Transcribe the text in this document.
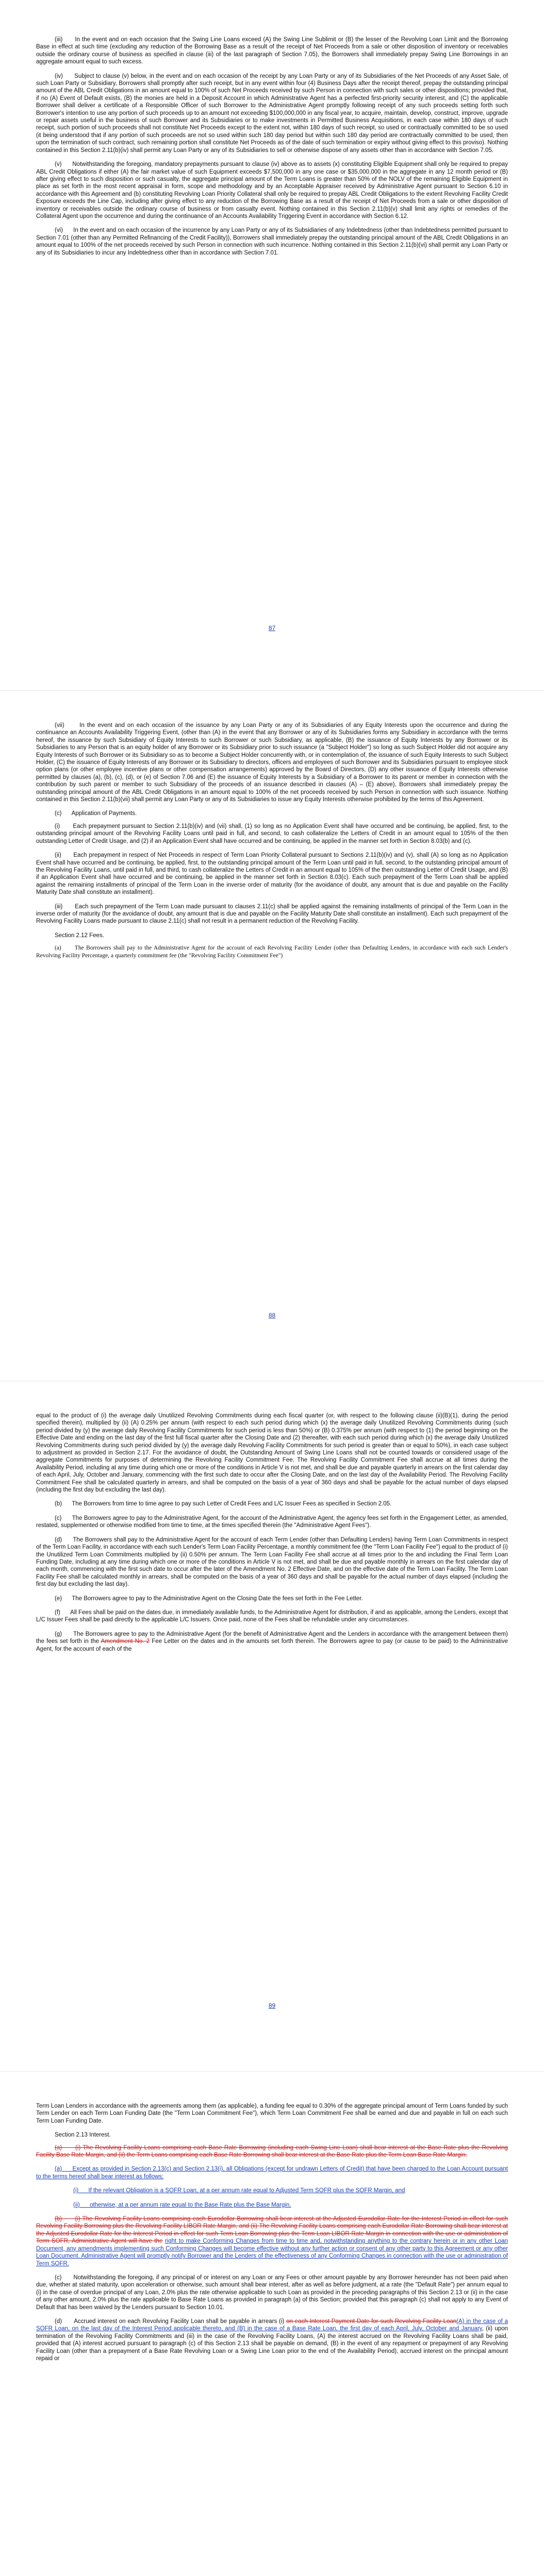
(iii)      In the event and on each occasion that the Swing Line Loans exceed (A) the Swing Line Sublimit or (B) the lesser of the Revolving Loan Limit and the Borrowing Base in effect at such time (excluding any reduction of the Borrowing Base as a result of the receipt of Net Proceeds from a sale or other disposition of inventory or receivables outside the ordinary course of business as specified in clause (iii) of the last paragraph of Section 7.05), the Borrowers shall immediately prepay Swing Line Borrowings in an aggregate amount equal to such excess.

(iv)      Subject to clause (v) below, in the event and on each occasion of the receipt by any Loan Party or any of its Subsidiaries of the Net Proceeds of any Asset Sale, of such Loan Party or Subsidiary, Borrowers shall promptly after such receipt, but in any event within four (4) Business Days after the receipt thereof, prepay the outstanding principal amount of the ABL Credit Obligations in an amount equal to 100% of such Net Proceeds received by such Person in connection with such sales or other dispositions; provided that, if no (A) Event of Default exists, (B) the monies are held in a Deposit Account in which Administrative Agent has a perfected first-priority security interest, and (C) the applicable Borrower shall deliver a certificate of a Responsible Officer of such Borrower to the Administrative Agent promptly following receipt of any such proceeds setting forth such Borrower's intention to use any portion of such proceeds up to an amount not exceeding $100,000,000 in any fiscal year, to acquire, maintain, develop, construct, improve, upgrade or repair assets useful in the business of such Borrower and its Subsidiaries or to make investments in Permitted Business Acquisitions, in each case within 180 days of such receipt, such portion of such proceeds shall not constitute Net Proceeds except to the extent not, within 180 days of such receipt, so used or contractually committed to be so used (it being understood that if any portion of such proceeds are not so used within such 180 day period but within such 180 day period are contractually committed to be used, then upon the termination of such contract, such remaining portion shall constitute Net Proceeds as of the date of such termination or expiry without giving effect to this proviso). Nothing contained in this Section 2.11(b)(iv) shall permit any Loan Party or any of its Subsidiaries to sell or otherwise dispose of any assets other than in accordance with Section 7.05.

(v)      Notwithstanding the foregoing, mandatory prepayments pursuant to clause (iv) above as to assets (x) constituting Eligible Equipment shall only be required to prepay ABL Credit Obligations if either (A) the fair market value of such Equipment exceeds $7,500,000 in any one case or $35,000,000 in the aggregate in any 12 month period or (B) after giving effect to such disposition or such casualty, the aggregate principal amount of the Term Loans is greater than 50% of the NOLV of the remaining Eligible Equipment in place as set forth in the most recent appraisal in form, scope and methodology and by an Acceptable Appraiser received by Administrative Agent pursuant to Section 6.10 in accordance with this Agreement and (b) constituting Revolving Loan Priority Collateral shall only be required to prepay ABL Credit Obligations to the extent Revolving Facility Credit Exposure exceeds the Line Cap, including after giving effect to any reduction of the Borrowing Base as a result of the receipt of Net Proceeds from a sale or other disposition of inventory or receivables outside the ordinary course of business or from casualty event. Nothing contained in this Section 2.11(b)(v) shall limit any rights or remedies of the Collateral Agent upon the occurrence and during the continuance of an Accounts Availability Triggering Event in accordance with Section 6.12.

(vi)      In the event and on each occasion of the incurrence by any Loan Party or any of its Subsidiaries of any Indebtedness (other than Indebtedness permitted pursuant to Section 7.01 (other than any Permitted Refinancing of the Credit Facility)), Borrowers shall immediately prepay the outstanding principal amount of the ABL Credit Obligations in an amount equal to 100% of the net proceeds received by such Person in connection with such incurrence. Nothing contained in this Section 2.11(b)(vi) shall permit any Loan Party or any of its Subsidiaries to incur any Indebtedness other than in accordance with Section 7.01.

87

(vii)      In the event and on each occasion of the issuance by any Loan Party or any of its Subsidiaries of any Equity Interests upon the occurrence and during the continuance an Accounts Availability Triggering Event, (other than (A) in the event that any Borrower or any of its Subsidiaries forms any Subsidiary in accordance with the terms hereof, the issuance by such Subsidiary of Equity Interests to such Borrower or such Subsidiary, as applicable, (B) the issuance of Equity Interests by any Borrower or its Subsidiaries to any Person that is an equity holder of any Borrower or its Subsidiary prior to such issuance (a "Subject Holder") so long as such Subject Holder did not acquire any Equity Interests of such Borrower or its Subsidiary so as to become a Subject Holder concurrently with, or in contemplation of, the issuance of such Equity Interests to such Subject Holder, (C) the issuance of Equity Interests of any Borrower or its Subsidiary to directors, officers and employees of such Borrower and its Subsidiaries pursuant to employee stock option plans (or other employee incentive plans or other compensation arrangements) approved by the Board of Directors, (D) any other issuance of Equity Interests otherwise permitted by clauses (a), (b), (c), (d), or (e) of Section 7.06 and (E) the issuance of Equity Interests by a Subsidiary of a Borrower to its parent or member in connection with the contribution by such parent or member to such Subsidiary of the proceeds of an issuance described in clauses (A) – (E) above), Borrowers shall immediately prepay the outstanding principal amount of the ABL Credit Obligations in an amount equal to 100% of the net proceeds received by such Person in connection with such issuance. Nothing contained in this Section 2.11(b)(vii) shall permit any Loan Party or any of its Subsidiaries to issue any Equity Interests otherwise prohibited by the terms of this Agreement.

(c)      Application of Payments.

(i)      Each prepayment pursuant to Section 2.11(b)(iv) and (vii) shall, (1) so long as no Application Event shall have occurred and be continuing, be applied, first, to the outstanding principal amount of the Revolving Facility Loans until paid in full, and second, to cash collateralize the Letters of Credit in an amount equal to 105% of the then outstanding Letter of Credit Usage, and (2) if an Application Event shall have occurred and be continuing, be applied in the manner set forth in Section 8.03(b) and (c).

(ii)      Each prepayment in respect of Net Proceeds in respect of Term Loan Priority Collateral pursuant to Sections 2.11(b)(iv) and (v), shall (A) so long as no Application Event shall have occurred and be continuing, be applied, first, to the outstanding principal amount of the Term Loan until paid in full, second, to the outstanding principal amount of the Revolving Facility Loans, until paid in full, and third, to cash collateralize the Letters of Credit in an amount equal to 105% of the then outstanding Letter of Credit Usage, and (B) if an Application Event shall have occurred and be continuing, be applied in the manner set forth in Section 8.03(c). Each such prepayment of the Term Loan shall be applied against the remaining installments of principal of the Term Loan in the inverse order of maturity (for the avoidance of doubt, any amount that is due and payable on the Facility Maturity Date shall constitute an installment).

(iii)      Each such prepayment of the Term Loan made pursuant to clauses 2.11(c) shall be applied against the remaining installments of principal of the Term Loan in the inverse order of maturity (for the avoidance of doubt, any amount that is due and payable on the Facility Maturity Date shall constitute an installment). Each such prepayment of the Revolving Facility Loans made pursuant to clause 2.11(c) shall not result in a permanent reduction of the Revolving Facility.

Section 2.12 Fees.

(a)      The Borrowers shall pay to the Administrative Agent for the account of each Revolving Facility Lender (other than Defaulting Lenders, in accordance with each such Lender's Revolving Facility Percentage, a quarterly commitment fee (the "Revolving Facility Commitment Fee")

88

equal to the product of (i) the average daily Unutilized Revolving Commitments during each fiscal quarter (or, with respect to the following clause (ii)(B)(1), during the period specified therein), multiplied by (ii) (A) 0.25% per annum (with respect to each such period during which (x) the average daily Unutilized Revolving Commitments during (such period divided by (y) the average daily Revolving Facility Commitments for such period is less than 50%) or (B) 0.375% per annum (with respect to (1) the period beginning on the Effective Date and ending on the last day of the first full fiscal quarter after the Closing Date and (2) thereafter, with each such period during which (x) the average daily Unutilized Revolving Commitments during such period divided by (y) the average daily Revolving Facility Commitments for such period is greater than or equal to 50%), in each case subject to adjustment as provided in Section 2.17. For the avoidance of doubt, the Outstanding Amount of Swing Line Loans shall not be counted towards or considered usage of the aggregate Commitments for purposes of determining the Revolving Facility Commitment Fee. The Revolving Facility Commitment Fee shall accrue at all times during the Availability Period, including at any time during which one or more of the conditions in Article V is not met, and shall be due and payable quarterly in arrears on the first calendar day of each April, July, October and January, commencing with the first such date to occur after the Closing Date, and on the last day of the Availability Period. The Revolving Facility Commitment Fee shall be calculated quarterly in arrears, and shall be computed on the basis of a year of 360 days and shall be payable for the actual number of days elapsed (including the first day but excluding the last day).

(b)      The Borrowers from time to time agree to pay such Letter of Credit Fees and L/C Issuer Fees as specified in Section 2.05.

(c)      The Borrowers agree to pay to the Administrative Agent, for the account of the Administrative Agent, the agency fees set forth in the Engagement Letter, as amended, restated, supplemented or otherwise modified from time to time, at the times specified therein (the "Administrative Agent Fees").

(d)      The Borrowers shall pay to the Administrative Agent for the account of each Term Lender (other than Defaulting Lenders) having Term Loan Commitments in respect of the Term Loan Facility, in accordance with each such Lender's Term Loan Facility Percentage, a monthly commitment fee (the "Term Loan Facility Fee") equal to the product of (i) the Unutilized Term Loan Commitments multiplied by (ii) 0.50% per annum. The Term Loan Facility Fee shall accrue at all times prior to the and including the Final Term Loan Funding Date, including at any time during which one or more of the conditions in Article V is not met, and shall be due and payable monthly in arrears on the first calendar day of each month, commencing with the first such date to occur after the later of the Amendment No. 2 Effective Date, and on the effective date of the Term Loan Facility. The Term Loan Facility Fee shall be calculated monthly in arrears, shall be computed on the basis of a year of 360 days and shall be payable for the actual number of days elapsed (including the first day but excluding the last day).

(e)      The Borrowers agree to pay to the Administrative Agent on the Closing Date the fees set forth in the Fee Letter.

(f)      All Fees shall be paid on the dates due, in immediately available funds, to the Administrative Agent for distribution, if and as applicable, among the Lenders, except that L/C Issuer Fees shall be paid directly to the applicable L/C Issuers. Once paid, none of the Fees shall be refundable under any circumstances.

(g)      The Borrowers agree to pay to the Administrative Agent (for the benefit of Administrative Agent and the Lenders in accordance with the arrangement between them) the fees set forth in the Amendment No. 2 Fee Letter on the dates and in the amounts set forth therein. The Borrowers agree to pay (or cause to be paid) to the Administrative Agent, for the account of each of the

89

Term Loan Lenders in accordance with the agreements among them (as applicable), a funding fee equal to 0.30% of the aggregate principal amount of Term Loans funded by such Term Lender on each Term Loan Funding Date (the "Term Loan Commitment Fee"), which Term Loan Commitment Fee shall be earned and due and payable in full on each such Term Loan Funding Date.

Section 2.13 Interest.

(a)      (i) The Revolving Facility Loans comprising each Base Rate Borrowing (including each Swing Line Loan) shall bear interest at the Base Rate plus the Revolving Facility Base Rate Margin, and (ii) the Term Loans comprising each Base Rate Borrowing shall bear interest at the Base Rate plus the Term Loan Base Rate Margin.

(a)      Except as provided in Section 2.13(c) and Section 2.13(i), all Obligations (except for undrawn Letters of Credit) that have been charged to the Loan Account pursuant to the terms hereof shall bear interest as follows:

(i)      If the relevant Obligation is a SOFR Loan, at a per annum rate equal to Adjusted Term SOFR plus the SOFR Margin, and

(ii)      otherwise, at a per annum rate equal to the Base Rate plus the Base Margin.

(b)      (i) The Revolving Facility Loans comprising each Eurodollar Borrowing shall bear interest at the Adjusted Eurodollar Rate for the Interest Period in effect for such Revolving Facility Borrowing plus the Revolving Facility LIBOR Rate Margin, and (ii) The Revolving Facility Loans comprising each Eurodollar Rate Borrowing shall bear interest at the Adjusted Eurodollar Rate for the Interest Period in effect for such Term Loan Borrowing plus the Term Loan LIBOR Rate Margin in connection with the use or administration of Term SOFR, Administrative Agent will have the right to make Conforming Changes from time to time and, notwithstanding anything to the contrary herein or in any other Loan Document, any amendments implementing such Conforming Changes will become effective without any further action or consent of any other party to this Agreement or any other Loan Document. Administrative Agent will promptly notify Borrower and the Lenders of the effectiveness of any Conforming Changes in connection with the use or administration of Term SOFR.

(c)      Notwithstanding the foregoing, if any principal of or interest on any Loan or any Fees or other amount payable by any Borrower hereunder has not been paid when due, whether at stated maturity, upon acceleration or otherwise, such amount shall bear interest, after as well as before judgment, at a rate (the "Default Rate") per annum equal to (i) in the case of overdue principal of any Loan, 2.0% plus the rate otherwise applicable to such Loan as provided in the preceding paragraphs of this Section 2.13 or (ii) in the case of any other amount, 2.0% plus the rate applicable to Base Rate Loans as provided in paragraph (a) of this Section; provided that this paragraph (c) shall not apply to any Event of Default that has been waived by the Lenders pursuant to Section 10.01.

(d)      Accrued interest on each Revolving Facility Loan shall be payable in arrears (i) on each Interest Payment Date for such Revolving Facility Loan(A) in the case of a SOFR Loan, on the last day of the Interest Period applicable thereto, and (B) in the case of a Base Rate Loan, the first day of each April, July, October and January, (ii) upon termination of the Revolving Facility Commitments and (iii) in the case of the Revolving Facility Loans, (A) the interest accrued on the Revolving Facility Loans shall be paid, provided that (A) interest accrued pursuant to paragraph (c) of this Section 2.13 shall be payable on demand, (B) in the event of any repayment or prepayment of any Revolving Facility Loan (other than a prepayment of a Base Rate Revolving Loan or a Swing Line Loan prior to the end of the Availability Period), accrued interest on the principal amount repaid or
